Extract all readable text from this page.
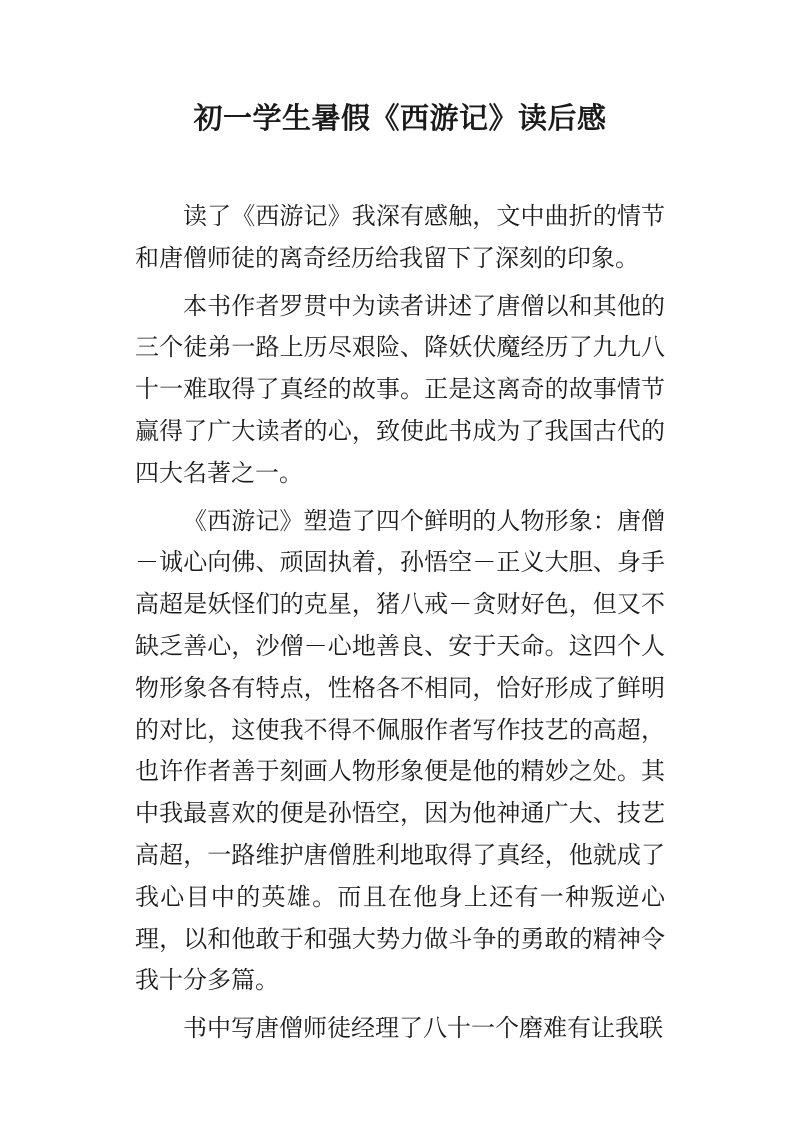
初一学生暑假《西游记》读后感

读了《西游记》我深有感触，文中曲折的情节和唐僧师徒的离奇经历给我留下了深刻的印象。

本书作者罗贯中为读者讲述了唐僧以和其他的三个徒弟一路上历尽艰险、降妖伏魔经历了九九八十一难取得了真经的故事。正是这离奇的故事情节赢得了广大读者的心，致使此书成为了我国古代的四大名著之一。

《西游记》塑造了四个鲜明的人物形象：唐僧－诚心向佛、顽固执着，孙悟空－正义大胆、身手高超是妖怪们的克星，猪八戒－贪财好色，但又不缺乏善心，沙僧－心地善良、安于天命。这四个人物形象各有特点，性格各不相同，恰好形成了鲜明的对比，这使我不得不佩服作者写作技艺的高超，也许作者善于刻画人物形象便是他的精妙之处。其中我最喜欢的便是孙悟空，因为他神通广大、技艺高超，一路维护唐僧胜利地取得了真经，他就成了我心目中的英雄。而且在他身上还有一种叛逆心理，以和他敢于和强大势力做斗争的勇敢的精神令我十分多篇。

书中写唐僧师徒经理了八十一个磨难有让我联
